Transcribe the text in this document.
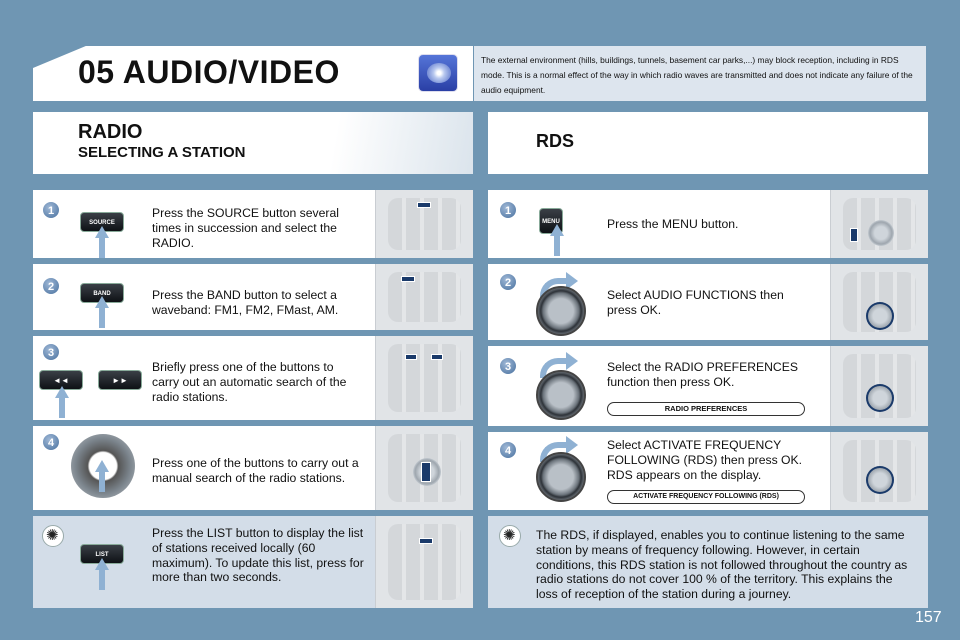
05 AUDIO/VIDEO	The external environment (hills, buildings, tunnels, basement car parks,...) may block reception, including in RDS mode. This is a normal effect of the way in which radio waves are transmitted and does not indicate any failure of the audio equipment.
RADIO
SELECTING A STATION
RDS
1
SOURCE
Press the SOURCE button several times in succession and select the RADIO.
2
BAND	Press the BAND button to select a waveband: FM1, FM2, FMast, AM.
3
◄◄	►►
Briefly press one of the buttons to carry out an automatic search of the radio stations.
4
Press one of the buttons to carry out a manual search of the radio stations.
✺
LIST
Press the LIST button to display the list of stations received locally (60 maximum). To update this list, press for more than two seconds.
1
MENU	Press the MENU button.
2
Select AUDIO FUNCTIONS then press OK.
3	Select the RADIO PREFERENCES function then press OK.
RADIO PREFERENCES
4	Select ACTIVATE FREQUENCY FOLLOWING (RDS) then press OK. RDS appears on the display.
ACTIVATE FREQUENCY FOLLOWING (RDS)
✺
The RDS, if displayed, enables you to continue listening to the same station by means of frequency following. However, in certain conditions, this RDS station is not followed throughout the country as radio stations do not cover 100 % of the territory. This explains the loss of reception of the station during a journey.
157
